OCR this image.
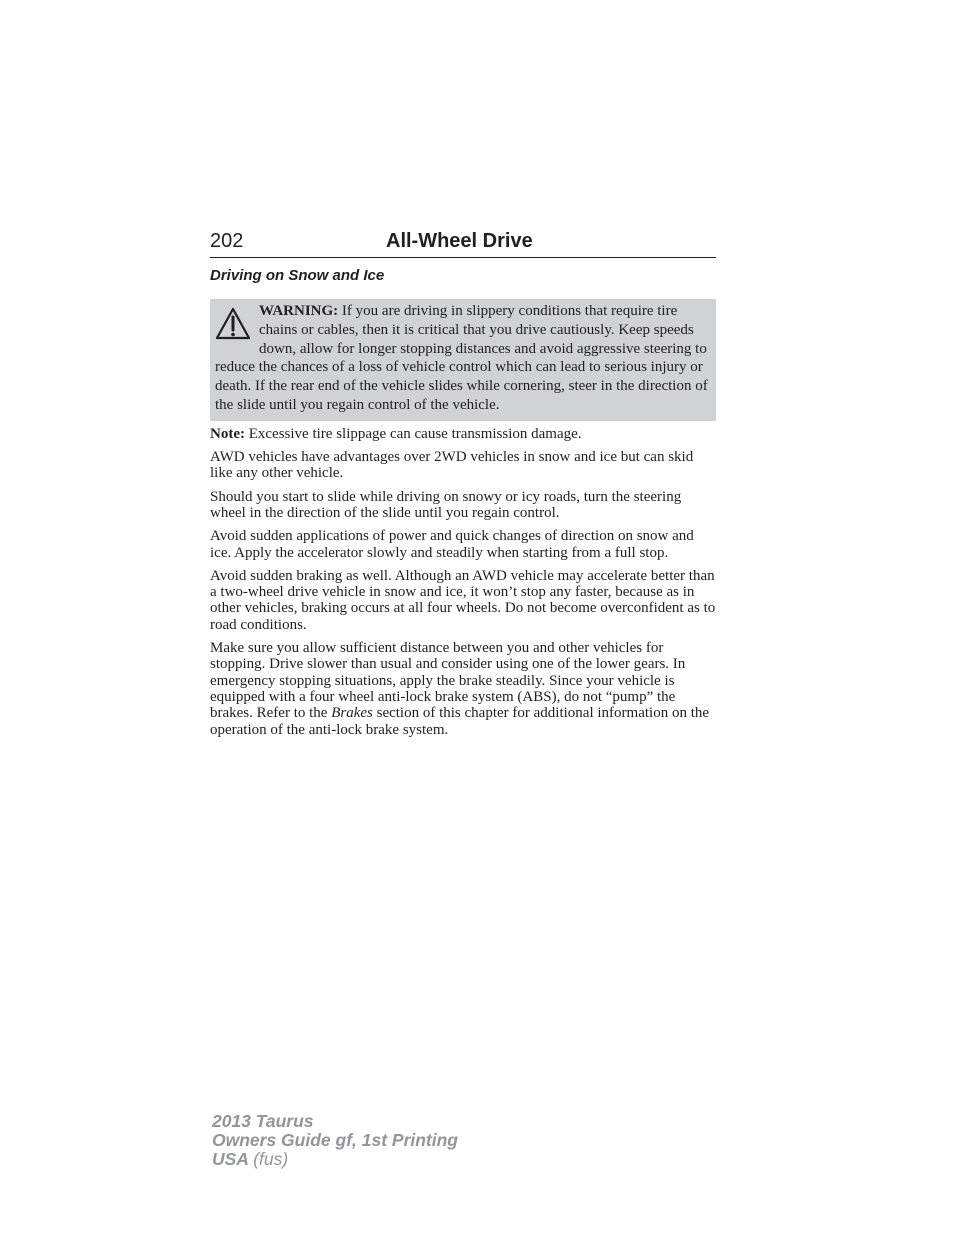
202	All-Wheel Drive
Driving on Snow and Ice
WARNING: If you are driving in slippery conditions that require tire chains or cables, then it is critical that you drive cautiously. Keep speeds down, allow for longer stopping distances and avoid aggressive steering to reduce the chances of a loss of vehicle control which can lead to serious injury or death. If the rear end of the vehicle slides while cornering, steer in the direction of the slide until you regain control of the vehicle.
Note: Excessive tire slippage can cause transmission damage.

AWD vehicles have advantages over 2WD vehicles in snow and ice but can skid like any other vehicle.

Should you start to slide while driving on snowy or icy roads, turn the steering wheel in the direction of the slide until you regain control.

Avoid sudden applications of power and quick changes of direction on snow and ice. Apply the accelerator slowly and steadily when starting from a full stop.

Avoid sudden braking as well. Although an AWD vehicle may accelerate better than a two-wheel drive vehicle in snow and ice, it won’t stop any faster, because as in other vehicles, braking occurs at all four wheels. Do not become overconfident as to road conditions.

Make sure you allow sufficient distance between you and other vehicles for stopping. Drive slower than usual and consider using one of the lower gears. In emergency stopping situations, apply the brake steadily. Since your vehicle is equipped with a four wheel anti-lock brake system (ABS), do not “pump” the brakes. Refer to the Brakes section of this chapter for additional information on the operation of the anti-lock brake system.

2013 Taurus
Owners Guide gf, 1st Printing
USA (fus)
